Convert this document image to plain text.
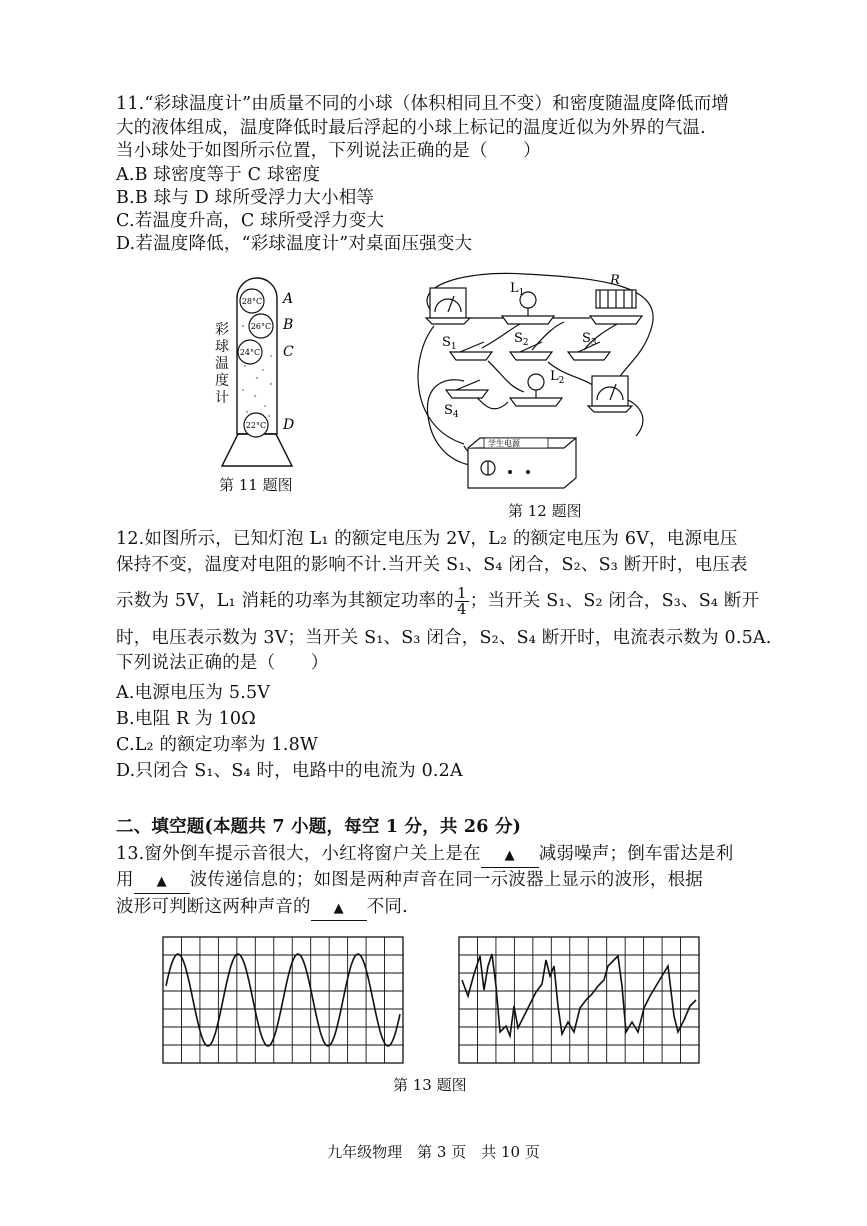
11.“彩球温度计”由质量不同的小球（体积相同且不变）和密度随温度降低而增
大的液体组成，温度降低时最后浮起的小球上标记的温度近似为外界的气温.
当小球处于如图所示位置，下列说法正确的是（　　）
A.B 球密度等于 C 球密度
B.B 球与 D 球所受浮力大小相等
C.若温度升高，C 球所受浮力变大
D.若温度降低，“彩球温度计”对桌面压强变大
28°C
26°C
24°C
22°C
A
B
C
D
彩
球
温
度
计
第 11 题图
$L_1$
R
$S_1$
$S_2$	$S_3$
$S_4$
$L_2$
学生电源
第 12 题图
12.如图所示，已知灯泡 L₁ 的额定电压为 2V，L₂ 的额定电压为 6V，电源电压
保持不变，温度对电阻的影响不计.当开关 S₁、S₄ 闭合，S₂、S₃ 断开时，电压表
示数为 5V，L₁ 消耗的功率为其额定功率的 $\frac{1}{4}$ ；当开关 S₁、S₂ 闭合，S₃、S₄ 断开
时，电压表示数为 3V；当开关 S₁、S₃ 闭合，S₂、S₄ 断开时，电流表示数为 0.5A.
下列说法正确的是（　　）
A.电源电压为 5.5V
B.电阻 R 为 10Ω
C.L₂ 的额定功率为 1.8W
D.只闭合 S₁、S₄ 时，电路中的电流为 0.2A
二、填空题(本题共 7 小题，每空 1 分，共 26 分)
13.窗外倒车提示音很大，小红将窗户关上是在 ▲ 减弱噪声；倒车雷达是利
用 ▲ 波传递信息的；如图是两种声音在同一示波器上显示的波形，根据
波形可判断这两种声音的 ▲ 不同.
第 13 题图
九年级物理　第 3 页　共 10 页
